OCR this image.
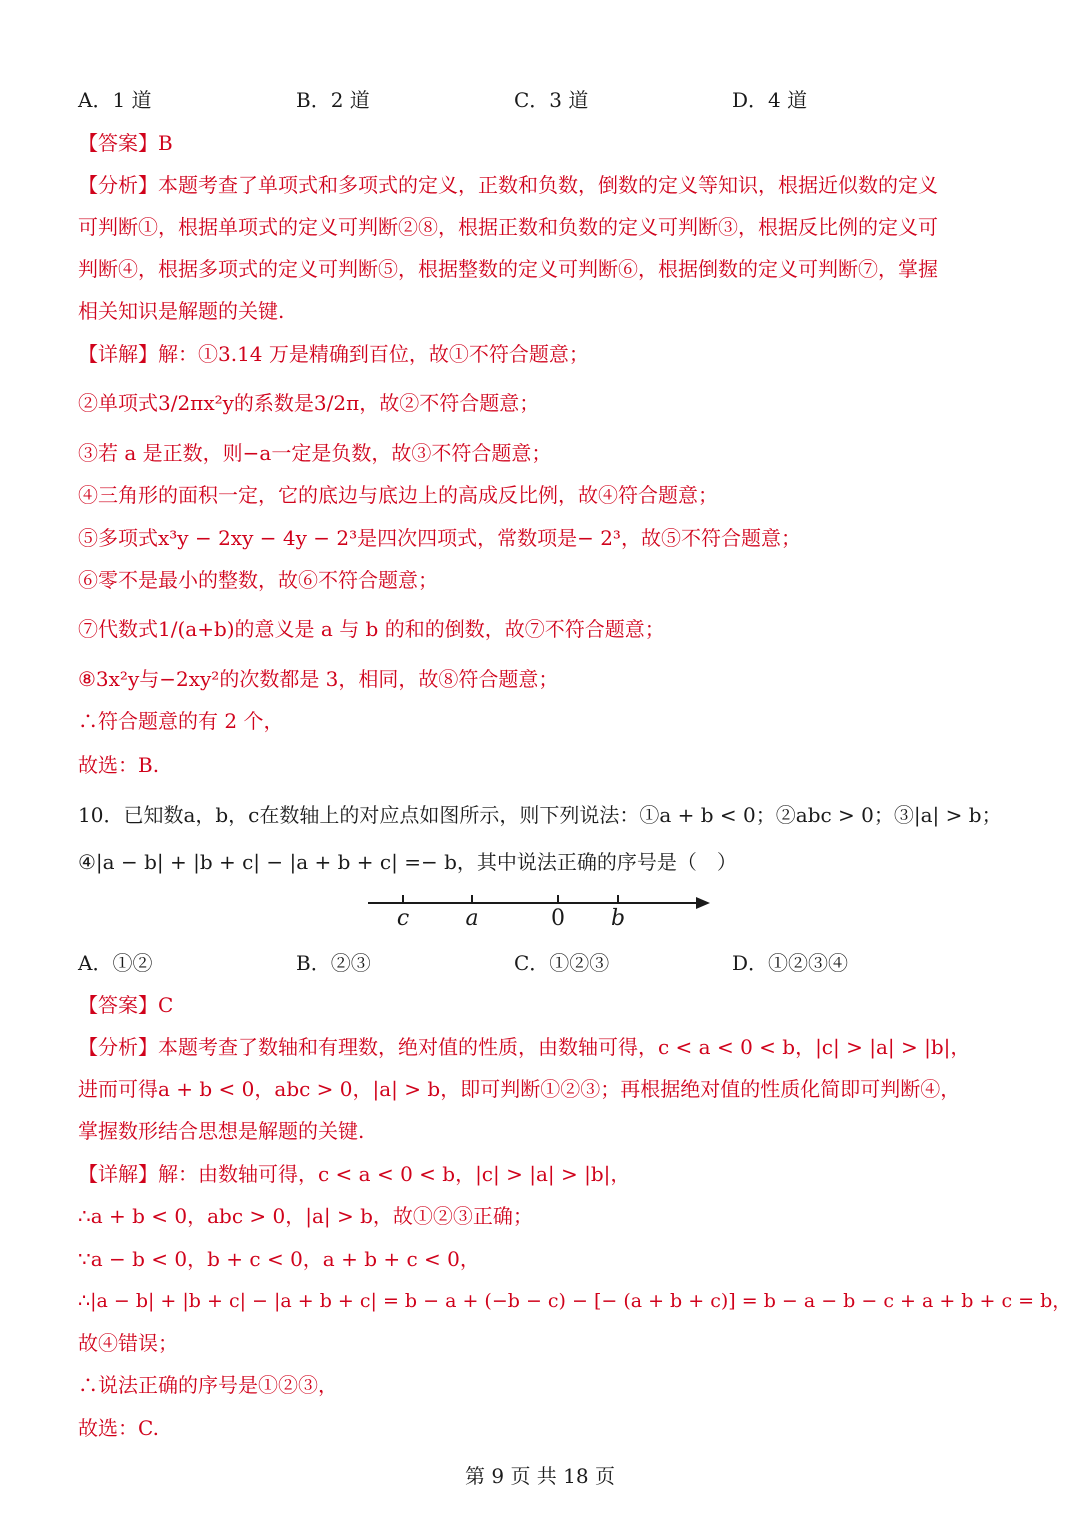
A．1 道	B．2 道	C．3 道	D．4 道
【答案】B
【分析】本题考查了单项式和多项式的定义，正数和负数，倒数的定义等知识，根据近似数的定义
可判断①，根据单项式的定义可判断②⑧，根据正数和负数的定义可判断③，根据反比例的定义可
判断④，根据多项式的定义可判断⑤，根据整数的定义可判断⑥，根据倒数的定义可判断⑦，掌握
相关知识是解题的关键.
【详解】解：①3.14 万是精确到百位，故①不符合题意；
②单项式3/2πx²y的系数是3/2π，故②不符合题意；
③若 a 是正数，则−a一定是负数，故③不符合题意；
④三角形的面积一定，它的底边与底边上的高成反比例，故④符合题意；
⑤多项式x³y − 2xy − 4y − 2³是四次四项式，常数项是− 2³，故⑤不符合题意；
⑥零不是最小的整数，故⑥不符合题意；
⑦代数式1/(a+b)的意义是 a 与 b 的和的倒数，故⑦不符合题意；
⑧3x²y与−2xy²的次数都是 3，相同，故⑧符合题意；
∴符合题意的有 2 个，
故选：B.
10．已知数a，b，c在数轴上的对应点如图所示，则下列说法：①a + b < 0；②abc > 0；③|a| > b；
④|a − b| + |b + c| − |a + b + c| =− b，其中说法正确的序号是（　）
c	a	0 b
A．①②	B．②③	C．①②③	D．①②③④
【答案】C
【分析】本题考查了数轴和有理数，绝对值的性质，由数轴可得，c < a < 0 < b，|c| > |a| > |b|，
进而可得a + b < 0，abc > 0，|a| > b，即可判断①②③；再根据绝对值的性质化简即可判断④，
掌握数形结合思想是解题的关键.
【详解】解：由数轴可得，c < a < 0 < b，|c| > |a| > |b|，
∴a + b < 0，abc > 0，|a| > b，故①②③正确；
∵a − b < 0，b + c < 0，a + b + c < 0，
∴|a − b| + |b + c| − |a + b + c| = b − a + (−b − c) − [− (a + b + c)] = b − a − b − c + a + b + c = b，
故④错误；
∴说法正确的序号是①②③，
故选：C.
第 9 页 共 18 页
